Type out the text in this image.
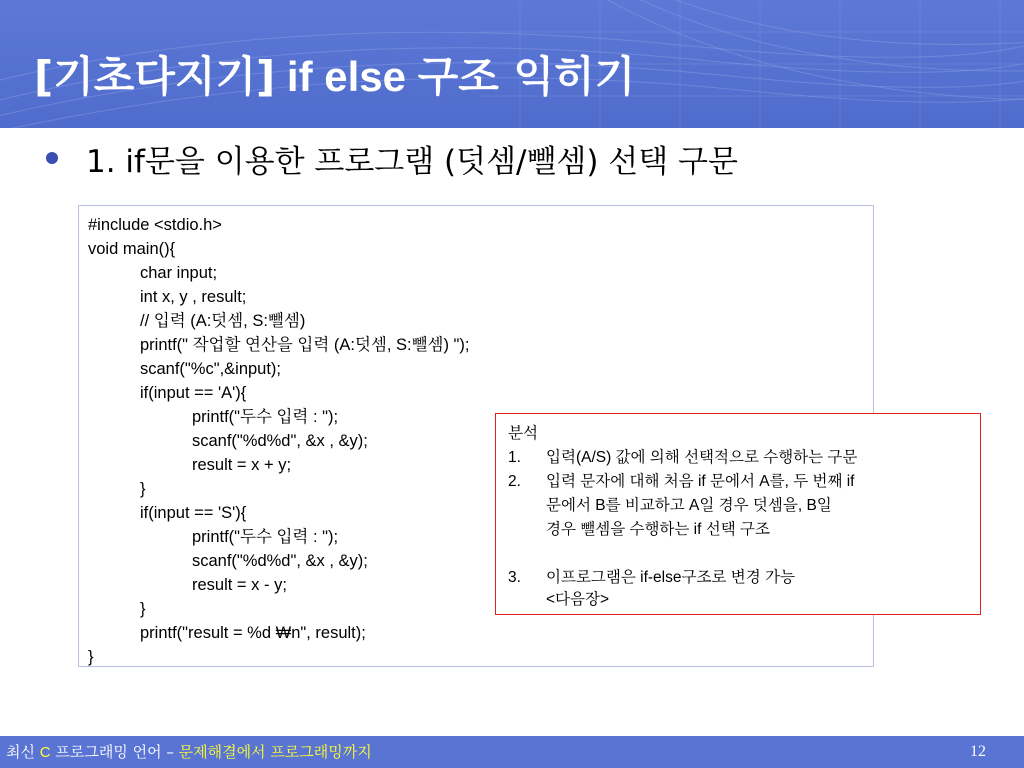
[기초다지기] if else 구조 익히기

1. if문을 이용한 프로그램 (덧셈/뺄셈) 선택 구문

#include <stdio.h>
void main(){
char input;
int x, y , result;
// 입력 (A:덧셈, S:뺄셈)
printf(" 작업할 연산을 입력 (A:덧셈, S:뺄셈) ");
scanf("%c",&input);
if(input == 'A'){
printf("두수 입력 : ");
scanf("%d%d", &x , &y);
result = x + y;
}
if(input == 'S'){
printf("두수 입력 : ");
scanf("%d%d", &x , &y);
result = x - y;
}
printf("result = %d ₩n", result);
}
분석
1. 입력(A/S) 값에 의해 선택적으로 수행하는 구문
2. 입력 문자에 대해 처음 if 문에서 A를, 두 번째 if
문에서 B를 비교하고 A일 경우 덧셈을, B일
경우 뺄셈을 수행하는 if 선택 구조
3. 이프로그램은 if-else구조로 변경 가능
<다음장>
최신 C 프로그래밍 언어 – 문제해결에서 프로그래밍까지	12
